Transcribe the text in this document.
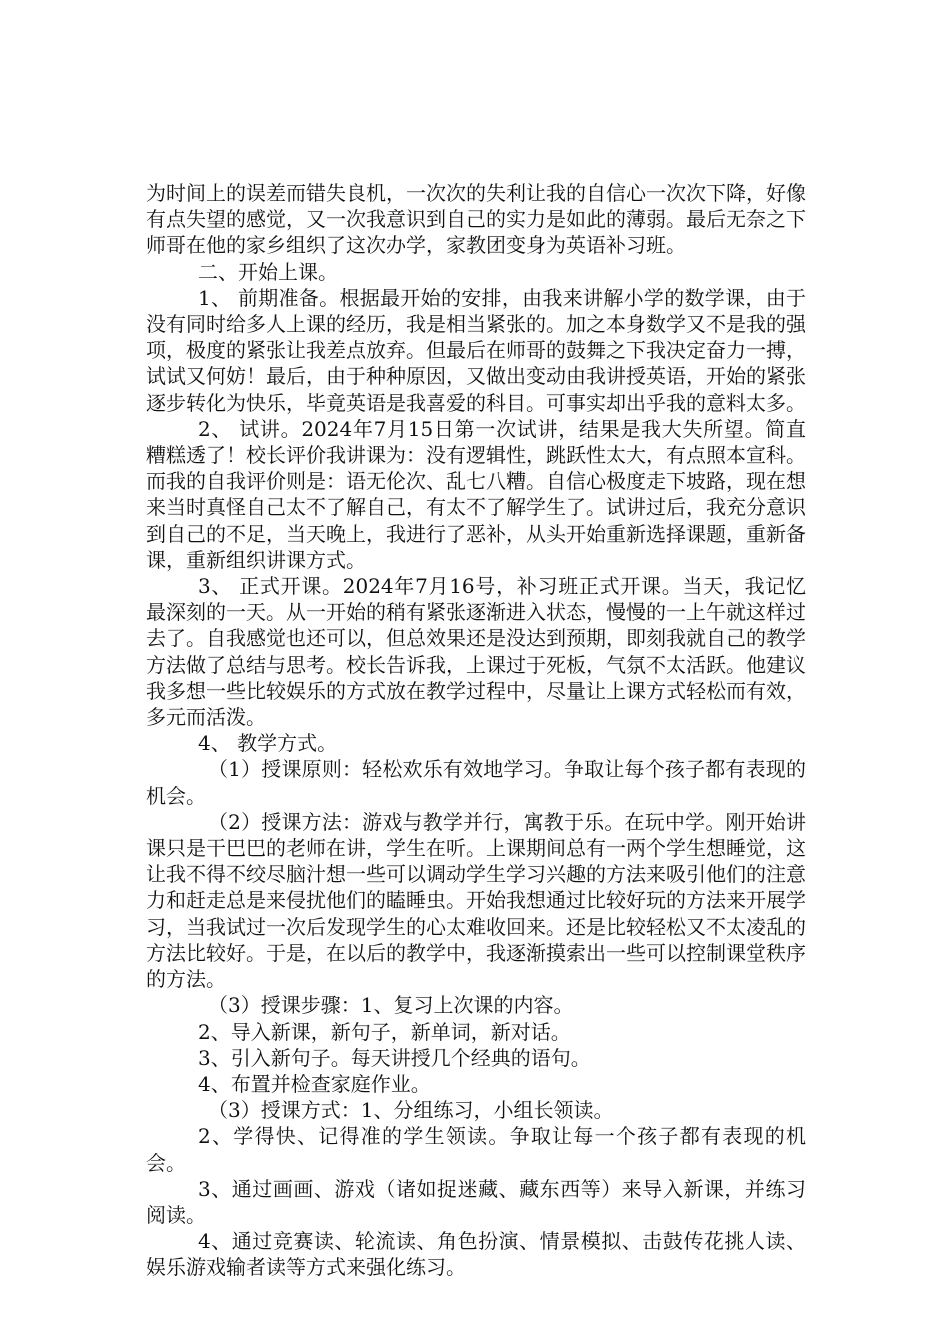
为时间上的误差而错失良机，一次次的失利让我的自信心一次次下降，好像有点失望的感觉，又一次我意识到自己的实力是如此的薄弱。最后无奈之下师哥在他的家乡组织了这次办学，家教团变身为英语补习班。

二、开始上课。

1、 前期准备。根据最开始的安排，由我来讲解小学的数学课，由于没有同时给多人上课的经历，我是相当紧张的。加之本身数学又不是我的强项，极度的紧张让我差点放弃。但最后在师哥的鼓舞之下我决定奋力一搏，试试又何妨！最后，由于种种原因，又做出变动由我讲授英语，开始的紧张逐步转化为快乐，毕竟英语是我喜爱的科目。可事实却出乎我的意料太多。

2、 试讲。2024年7月15日第一次试讲，结果是我大失所望。简直糟糕透了！校长评价我讲课为：没有逻辑性，跳跃性太大，有点照本宣科。而我的自我评价则是：语无伦次、乱七八糟。自信心极度走下坡路，现在想来当时真怪自己太不了解自己，有太不了解学生了。试讲过后，我充分意识到自己的不足，当天晚上，我进行了恶补，从头开始重新选择课题，重新备课，重新组织讲课方式。

3、 正式开课。2024年7月16号，补习班正式开课。当天，我记忆最深刻的一天。从一开始的稍有紧张逐渐进入状态，慢慢的一上午就这样过去了。自我感觉也还可以，但总效果还是没达到预期，即刻我就自己的教学方法做了总结与思考。校长告诉我，上课过于死板，气氛不太活跃。他建议我多想一些比较娱乐的方式放在教学过程中，尽量让上课方式轻松而有效，多元而活泼。

4、 教学方式。

（1）授课原则：轻松欢乐有效地学习。争取让每个孩子都有表现的机会。

（2）授课方法：游戏与教学并行，寓教于乐。在玩中学。刚开始讲课只是干巴巴的老师在讲，学生在听。上课期间总有一两个学生想睡觉，这让我不得不绞尽脑汁想一些可以调动学生学习兴趣的方法来吸引他们的注意力和赶走总是来侵扰他们的瞌睡虫。开始我想通过比较好玩的方法来开展学习，当我试过一次后发现学生的心太难收回来。还是比较轻松又不太凌乱的方法比较好。于是，在以后的教学中，我逐渐摸索出一些可以控制课堂秩序的方法。

（3）授课步骤：1、复习上次课的内容。

2、导入新课，新句子，新单词，新对话。

3、引入新句子。每天讲授几个经典的语句。

4、布置并检查家庭作业。

（3）授课方式：1、分组练习，小组长领读。

2、学得快、记得准的学生领读。争取让每一个孩子都有表现的机会。

3、通过画画、游戏（诸如捉迷藏、藏东西等）来导入新课，并练习阅读。

4、通过竞赛读、轮流读、角色扮演、情景模拟、击鼓传花挑人读、娱乐游戏输者读等方式来强化练习。
